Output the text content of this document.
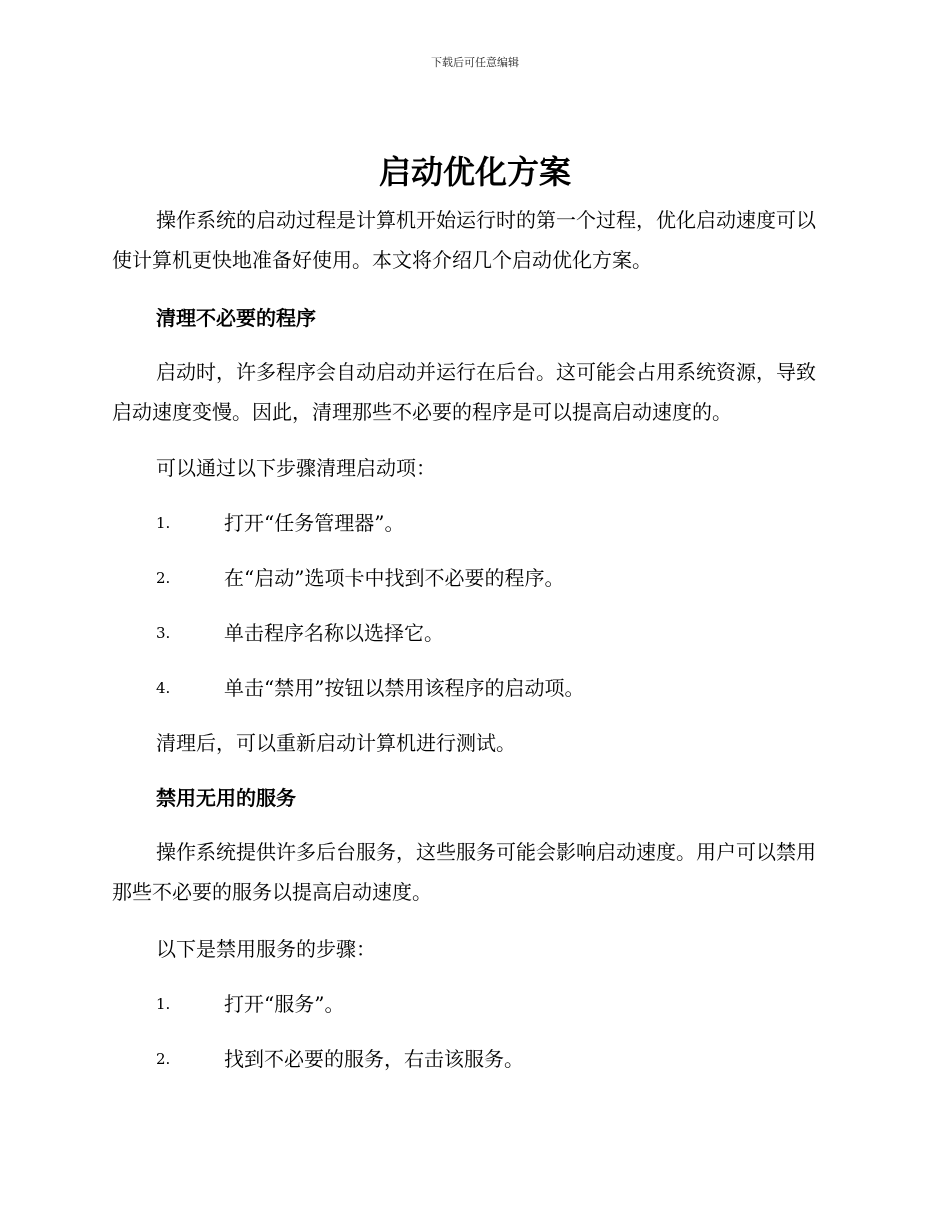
下载后可任意编辑
启动优化方案

操作系统的启动过程是计算机开始运行时的第一个过程，优化启动速度可以使计算机更快地准备好使用。本文将介绍几个启动优化方案。

清理不必要的程序

启动时，许多程序会自动启动并运行在后台。这可能会占用系统资源，导致启动速度变慢。因此，清理那些不必要的程序是可以提高启动速度的。

可以通过以下步骤清理启动项：

1.	打开“任务管理器”。
2.	在“启动”选项卡中找到不必要的程序。
3.	单击程序名称以选择它。
4.	单击“禁用”按钮以禁用该程序的启动项。

清理后，可以重新启动计算机进行测试。

禁用无用的服务

操作系统提供许多后台服务，这些服务可能会影响启动速度。用户可以禁用那些不必要的服务以提高启动速度。

以下是禁用服务的步骤：

1.	打开“服务”。
2.	找到不必要的服务，右击该服务。
